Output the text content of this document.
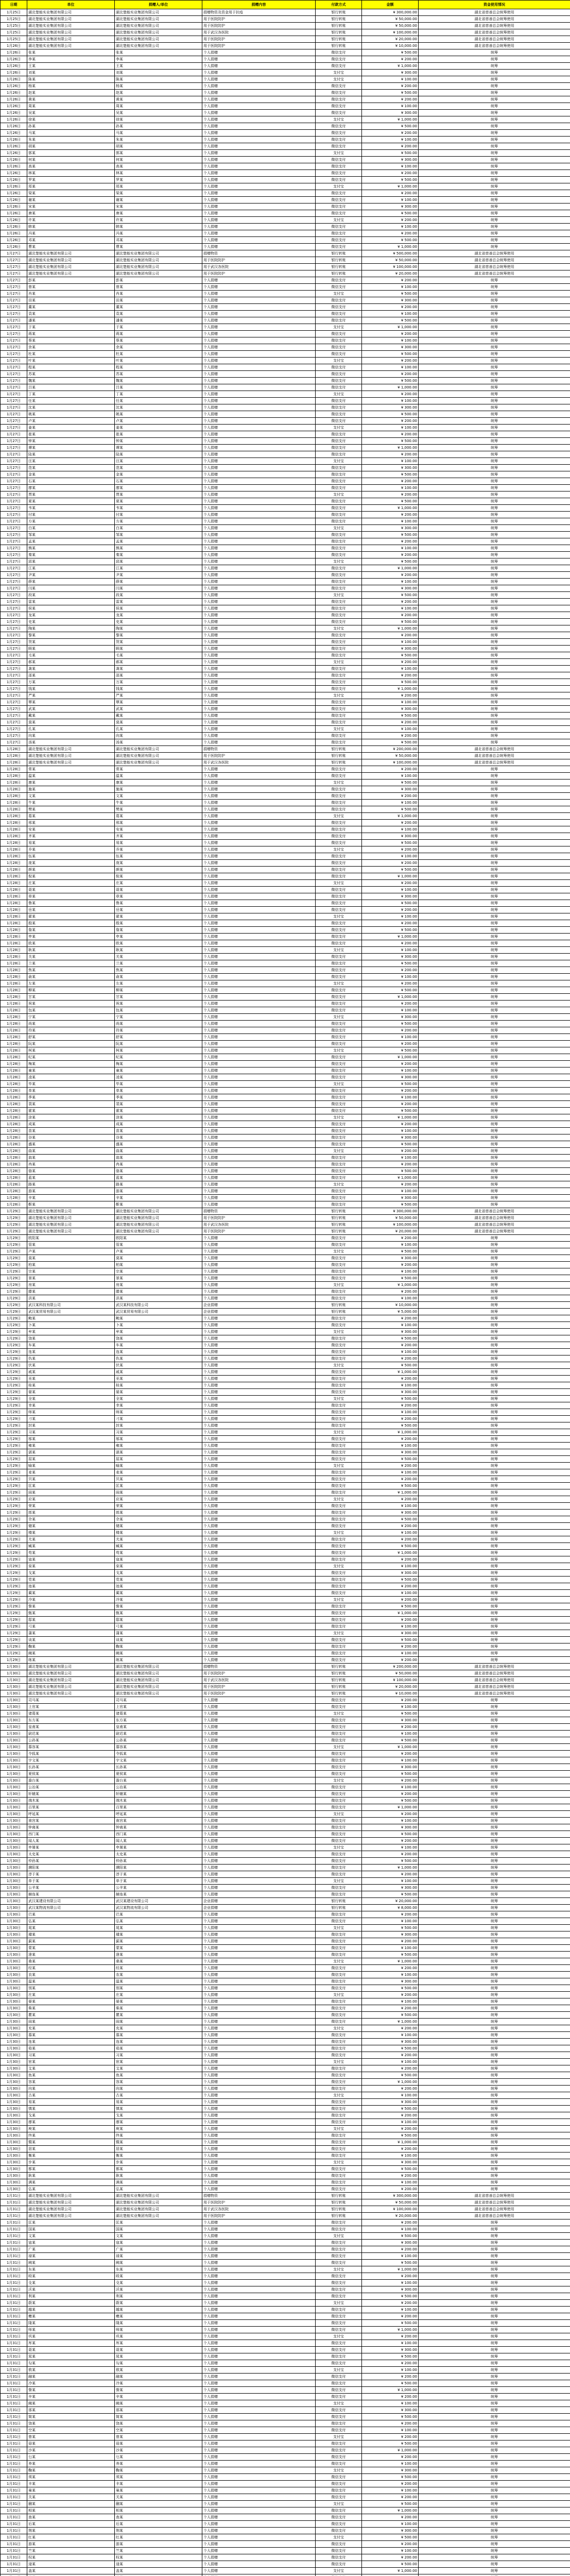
日期	单位	捐赠人/单位	捐赠内容	付款方式	金额	资金使用情况
1月25日	湖北楚能实业集团有限公司	湖北楚能实业集团有限公司	捐赠物资及资金用于抗疫	银行转账	¥ 300,000.00	湖北省慈善总会统筹使用
1月25日	湖北楚能实业集团有限公司	湖北楚能实业集团有限公司	用于医院防护	银行转账	¥ 50,000.00	湖北省慈善总会统筹使用
1月25日	湖北楚能实业集团有限公司	湖北楚能实业集团有限公司	用于医院防护	银行转账	¥ 50,000.00	湖北省慈善总会统筹使用
1月25日	湖北楚能实业集团有限公司	湖北楚能实业集团有限公司	用于武汉各医院	银行转账	¥ 100,000.00	湖北省慈善总会统筹使用
1月25日	湖北楚能实业集团有限公司	湖北楚能实业集团有限公司	用于医院防护	银行转账	¥ 20,000.00	湖北省慈善总会统筹使用
1月26日	湖北楚能实业集团有限公司	湖北楚能实业集团有限公司	用于医院防护	银行转账	¥ 10,000.00	湖北省慈善总会统筹使用
1月26日	张某	张某	个人捐赠	微信支付	¥ 500.00	统筹
1月26日	李某	李某	个人捐赠	微信支付	¥ 200.00	统筹
1月26日	王某	王某	个人捐赠	微信支付	¥ 1,000.00	统筹
1月26日	刘某	刘某	个人捐赠	支付宝	¥ 300.00	统筹
1月26日	陈某	陈某	个人捐赠	支付宝	¥ 100.00	统筹
1月26日	杨某	杨某	个人捐赠	微信支付	¥ 200.00	统筹
1月26日	赵某	赵某	个人捐赠	微信支付	¥ 500.00	统筹
1月26日	黄某	黄某	个人捐赠	微信支付	¥ 200.00	统筹
1月26日	周某	周某	个人捐赠	微信支付	¥ 100.00	统筹
1月26日	吴某	吴某	个人捐赠	微信支付	¥ 300.00	统筹
1月26日	徐某	徐某	个人捐赠	支付宝	¥ 1,000.00	统筹
1月26日	孙某	孙某	个人捐赠	微信支付	¥ 500.00	统筹
1月26日	马某	马某	个人捐赠	微信支付	¥ 200.00	统筹
1月26日	朱某	朱某	个人捐赠	微信支付	¥ 100.00	统筹
1月26日	胡某	胡某	个人捐赠	微信支付	¥ 200.00	统筹
1月26日	郭某	郭某	个人捐赠	支付宝	¥ 500.00	统筹
1月26日	何某	何某	个人捐赠	微信支付	¥ 300.00	统筹
1月26日	高某	高某	个人捐赠	微信支付	¥ 100.00	统筹
1月26日	林某	林某	个人捐赠	微信支付	¥ 200.00	统筹
1月26日	罗某	罗某	个人捐赠	微信支付	¥ 500.00	统筹
1月26日	郑某	郑某	个人捐赠	支付宝	¥ 1,000.00	统筹
1月26日	梁某	梁某	个人捐赠	微信支付	¥ 200.00	统筹
1月26日	谢某	谢某	个人捐赠	微信支付	¥ 100.00	统筹
1月26日	宋某	宋某	个人捐赠	微信支付	¥ 300.00	统筹
1月26日	唐某	唐某	个人捐赠	微信支付	¥ 500.00	统筹
1月26日	许某	许某	个人捐赠	支付宝	¥ 200.00	统筹
1月26日	韩某	韩某	个人捐赠	微信支付	¥ 100.00	统筹
1月26日	冯某	冯某	个人捐赠	微信支付	¥ 200.00	统筹
1月26日	邓某	邓某	个人捐赠	微信支付	¥ 500.00	统筹
1月26日	曹某	曹某	个人捐赠	微信支付	¥ 1,000.00	统筹
1月27日	湖北楚能实业集团有限公司	湖北楚能实业集团有限公司	捐赠物资	银行转账	¥ 500,000.00	湖北省慈善总会统筹使用
1月27日	湖北楚能实业集团有限公司	湖北楚能实业集团有限公司	用于医院防护	银行转账	¥ 50,000.00	湖北省慈善总会统筹使用
1月27日	湖北楚能实业集团有限公司	湖北楚能实业集团有限公司	用于武汉各医院	银行转账	¥ 100,000.00	湖北省慈善总会统筹使用
1月27日	湖北楚能实业集团有限公司	湖北楚能实业集团有限公司	用于医院防护	银行转账	¥ 20,000.00	湖北省慈善总会统筹使用
1月27日	彭某	彭某	个人捐赠	微信支付	¥ 200.00	统筹
1月27日	曾某	曾某	个人捐赠	微信支付	¥ 100.00	统筹
1月27日	肖某	肖某	个人捐赠	支付宝	¥ 500.00	统筹
1月27日	田某	田某	个人捐赠	微信支付	¥ 300.00	统筹
1月27日	董某	董某	个人捐赠	微信支付	¥ 200.00	统筹
1月27日	袁某	袁某	个人捐赠	微信支付	¥ 100.00	统筹
1月27日	潘某	潘某	个人捐赠	微信支付	¥ 500.00	统筹
1月27日	于某	于某	个人捐赠	支付宝	¥ 1,000.00	统筹
1月27日	蒋某	蒋某	个人捐赠	微信支付	¥ 200.00	统筹
1月27日	蔡某	蔡某	个人捐赠	微信支付	¥ 100.00	统筹
1月27日	余某	余某	个人捐赠	微信支付	¥ 300.00	统筹
1月27日	杜某	杜某	个人捐赠	微信支付	¥ 500.00	统筹
1月27日	叶某	叶某	个人捐赠	支付宝	¥ 200.00	统筹
1月27日	程某	程某	个人捐赠	微信支付	¥ 100.00	统筹
1月27日	苏某	苏某	个人捐赠	微信支付	¥ 200.00	统筹
1月27日	魏某	魏某	个人捐赠	微信支付	¥ 500.00	统筹
1月27日	吕某	吕某	个人捐赠	微信支付	¥ 1,000.00	统筹
1月27日	丁某	丁某	个人捐赠	支付宝	¥ 200.00	统筹
1月27日	任某	任某	个人捐赠	微信支付	¥ 100.00	统筹
1月27日	沈某	沈某	个人捐赠	微信支付	¥ 300.00	统筹
1月27日	姚某	姚某	个人捐赠	微信支付	¥ 500.00	统筹
1月27日	卢某	卢某	个人捐赠	微信支付	¥ 200.00	统筹
1月27日	姜某	姜某	个人捐赠	支付宝	¥ 100.00	统筹
1月27日	崔某	崔某	个人捐赠	微信支付	¥ 200.00	统筹
1月27日	钟某	钟某	个人捐赠	微信支付	¥ 500.00	统筹
1月27日	谭某	谭某	个人捐赠	微信支付	¥ 1,000.00	统筹
1月27日	陆某	陆某	个人捐赠	微信支付	¥ 200.00	统筹
1月27日	汪某	汪某	个人捐赠	支付宝	¥ 100.00	统筹
1月27日	范某	范某	个人捐赠	微信支付	¥ 300.00	统筹
1月27日	金某	金某	个人捐赠	微信支付	¥ 500.00	统筹
1月27日	石某	石某	个人捐赠	微信支付	¥ 200.00	统筹
1月27日	廖某	廖某	个人捐赠	微信支付	¥ 100.00	统筹
1月27日	贾某	贾某	个人捐赠	支付宝	¥ 200.00	统筹
1月27日	夏某	夏某	个人捐赠	微信支付	¥ 500.00	统筹
1月27日	韦某	韦某	个人捐赠	微信支付	¥ 1,000.00	统筹
1月27日	付某	付某	个人捐赠	微信支付	¥ 200.00	统筹
1月27日	方某	方某	个人捐赠	微信支付	¥ 100.00	统筹
1月27日	白某	白某	个人捐赠	支付宝	¥ 300.00	统筹
1月27日	邹某	邹某	个人捐赠	微信支付	¥ 500.00	统筹
1月27日	孟某	孟某	个人捐赠	微信支付	¥ 200.00	统筹
1月27日	熊某	熊某	个人捐赠	微信支付	¥ 100.00	统筹
1月27日	秦某	秦某	个人捐赠	微信支付	¥ 200.00	统筹
1月27日	邱某	邱某	个人捐赠	支付宝	¥ 500.00	统筹
1月27日	江某	江某	个人捐赠	微信支付	¥ 1,000.00	统筹
1月27日	尹某	尹某	个人捐赠	微信支付	¥ 200.00	统筹
1月27日	薛某	薛某	个人捐赠	微信支付	¥ 100.00	统筹
1月27日	闫某	闫某	个人捐赠	微信支付	¥ 300.00	统筹
1月27日	段某	段某	个人捐赠	支付宝	¥ 500.00	统筹
1月27日	雷某	雷某	个人捐赠	微信支付	¥ 200.00	统筹
1月27日	侯某	侯某	个人捐赠	微信支付	¥ 100.00	统筹
1月27日	龙某	龙某	个人捐赠	微信支付	¥ 200.00	统筹
1月27日	史某	史某	个人捐赠	微信支付	¥ 500.00	统筹
1月27日	陶某	陶某	个人捐赠	支付宝	¥ 1,000.00	统筹
1月27日	黎某	黎某	个人捐赠	微信支付	¥ 200.00	统筹
1月27日	贺某	贺某	个人捐赠	微信支付	¥ 100.00	统筹
1月27日	顾某	顾某	个人捐赠	微信支付	¥ 300.00	统筹
1月27日	毛某	毛某	个人捐赠	微信支付	¥ 500.00	统筹
1月27日	郝某	郝某	个人捐赠	支付宝	¥ 200.00	统筹
1月27日	龚某	龚某	个人捐赠	微信支付	¥ 100.00	统筹
1月27日	邵某	邵某	个人捐赠	微信支付	¥ 200.00	统筹
1月27日	万某	万某	个人捐赠	微信支付	¥ 500.00	统筹
1月27日	钱某	钱某	个人捐赠	微信支付	¥ 1,000.00	统筹
1月27日	严某	严某	个人捐赠	支付宝	¥ 200.00	统筹
1月27日	覃某	覃某	个人捐赠	微信支付	¥ 100.00	统筹
1月27日	武某	武某	个人捐赠	微信支付	¥ 300.00	统筹
1月27日	戴某	戴某	个人捐赠	微信支付	¥ 500.00	统筹
1月27日	莫某	莫某	个人捐赠	微信支付	¥ 200.00	统筹
1月27日	孔某	孔某	个人捐赠	支付宝	¥ 100.00	统筹
1月27日	向某	向某	个人捐赠	微信支付	¥ 200.00	统筹
1月27日	汤某	汤某	个人捐赠	微信支付	¥ 500.00	统筹
1月28日	湖北楚能实业集团有限公司	湖北楚能实业集团有限公司	捐赠物资	银行转账	¥ 200,000.00	湖北省慈善总会统筹使用
1月28日	湖北楚能实业集团有限公司	湖北楚能实业集团有限公司	用于医院防护	银行转账	¥ 50,000.00	湖北省慈善总会统筹使用
1月28日	湖北楚能实业集团有限公司	湖北楚能实业集团有限公司	用于武汉各医院	银行转账	¥ 100,000.00	湖北省慈善总会统筹使用
1月28日	常某	常某	个人捐赠	微信支付	¥ 200.00	统筹
1月28日	温某	温某	个人捐赠	微信支付	¥ 100.00	统筹
1月28日	康某	康某	个人捐赠	支付宝	¥ 500.00	统筹
1月28日	施某	施某	个人捐赠	微信支付	¥ 300.00	统筹
1月28日	文某	文某	个人捐赠	微信支付	¥ 200.00	统筹
1月28日	牛某	牛某	个人捐赠	微信支付	¥ 100.00	统筹
1月28日	樊某	樊某	个人捐赠	微信支付	¥ 500.00	统筹
1月28日	葛某	葛某	个人捐赠	支付宝	¥ 1,000.00	统筹
1月28日	邢某	邢某	个人捐赠	微信支付	¥ 200.00	统筹
1月28日	安某	安某	个人捐赠	微信支付	¥ 100.00	统筹
1月28日	齐某	齐某	个人捐赠	微信支付	¥ 300.00	统筹
1月28日	易某	易某	个人捐赠	微信支付	¥ 500.00	统筹
1月28日	乔某	乔某	个人捐赠	支付宝	¥ 200.00	统筹
1月28日	伍某	伍某	个人捐赠	微信支付	¥ 100.00	统筹
1月28日	庞某	庞某	个人捐赠	微信支付	¥ 200.00	统筹
1月28日	颜某	颜某	个人捐赠	微信支付	¥ 500.00	统筹
1月28日	倪某	倪某	个人捐赠	微信支付	¥ 1,000.00	统筹
1月28日	庄某	庄某	个人捐赠	支付宝	¥ 200.00	统筹
1月28日	聂某	聂某	个人捐赠	微信支付	¥ 100.00	统筹
1月28日	章某	章某	个人捐赠	微信支付	¥ 300.00	统筹
1月28日	鲁某	鲁某	个人捐赠	微信支付	¥ 500.00	统筹
1月28日	岳某	岳某	个人捐赠	微信支付	¥ 200.00	统筹
1月28日	翟某	翟某	个人捐赠	支付宝	¥ 100.00	统筹
1月28日	殷某	殷某	个人捐赠	微信支付	¥ 200.00	统筹
1月28日	詹某	詹某	个人捐赠	微信支付	¥ 500.00	统筹
1月28日	申某	申某	个人捐赠	微信支付	¥ 1,000.00	统筹
1月28日	欧某	欧某	个人捐赠	微信支付	¥ 200.00	统筹
1月28日	耿某	耿某	个人捐赠	支付宝	¥ 100.00	统筹
1月28日	关某	关某	个人捐赠	微信支付	¥ 300.00	统筹
1月28日	兰某	兰某	个人捐赠	微信支付	¥ 500.00	统筹
1月28日	焦某	焦某	个人捐赠	微信支付	¥ 200.00	统筹
1月28日	俞某	俞某	个人捐赠	微信支付	¥ 100.00	统筹
1月28日	左某	左某	个人捐赠	支付宝	¥ 200.00	统筹
1月28日	柳某	柳某	个人捐赠	微信支付	¥ 500.00	统筹
1月28日	甘某	甘某	个人捐赠	微信支付	¥ 1,000.00	统筹
1月28日	祝某	祝某	个人捐赠	微信支付	¥ 200.00	统筹
1月28日	包某	包某	个人捐赠	微信支付	¥ 100.00	统筹
1月28日	宁某	宁某	个人捐赠	支付宝	¥ 300.00	统筹
1月28日	尚某	尚某	个人捐赠	微信支付	¥ 500.00	统筹
1月28日	符某	符某	个人捐赠	微信支付	¥ 200.00	统筹
1月28日	舒某	舒某	个人捐赠	微信支付	¥ 100.00	统筹
1月28日	阮某	阮某	个人捐赠	微信支付	¥ 200.00	统筹
1月28日	柯某	柯某	个人捐赠	支付宝	¥ 500.00	统筹
1月28日	纪某	纪某	个人捐赠	微信支付	¥ 1,000.00	统筹
1月28日	梅某	梅某	个人捐赠	微信支付	¥ 200.00	统筹
1月28日	童某	童某	个人捐赠	微信支付	¥ 100.00	统筹
1月28日	凌某	凌某	个人捐赠	微信支付	¥ 300.00	统筹
1月28日	毕某	毕某	个人捐赠	支付宝	¥ 500.00	统筹
1月28日	单某	单某	个人捐赠	微信支付	¥ 200.00	统筹
1月28日	季某	季某	个人捐赠	微信支付	¥ 100.00	统筹
1月28日	裴某	裴某	个人捐赠	微信支付	¥ 200.00	统筹
1月28日	霍某	霍某	个人捐赠	微信支付	¥ 500.00	统筹
1月28日	涂某	涂某	个人捐赠	支付宝	¥ 1,000.00	统筹
1月28日	成某	成某	个人捐赠	微信支付	¥ 200.00	统筹
1月28日	苗某	苗某	个人捐赠	微信支付	¥ 100.00	统筹
1月28日	谷某	谷某	个人捐赠	微信支付	¥ 300.00	统筹
1月28日	盛某	盛某	个人捐赠	微信支付	¥ 500.00	统筹
1月28日	曲某	曲某	个人捐赠	支付宝	¥ 200.00	统筹
1月28日	翁某	翁某	个人捐赠	微信支付	¥ 100.00	统筹
1月28日	冉某	冉某	个人捐赠	微信支付	¥ 200.00	统筹
1月28日	骆某	骆某	个人捐赠	微信支付	¥ 500.00	统筹
1月28日	蓝某	蓝某	个人捐赠	微信支付	¥ 1,000.00	统筹
1月28日	路某	路某	个人捐赠	支付宝	¥ 200.00	统筹
1月28日	游某	游某	个人捐赠	微信支付	¥ 100.00	统筹
1月28日	辛某	辛某	个人捐赠	微信支付	¥ 300.00	统筹
1月28日	靳某	靳某	个人捐赠	微信支付	¥ 500.00	统筹
1月29日	湖北楚能实业集团有限公司	湖北楚能实业集团有限公司	捐赠物资	银行转账	¥ 300,000.00	湖北省慈善总会统筹使用
1月29日	湖北楚能实业集团有限公司	湖北楚能实业集团有限公司	用于医院防护	银行转账	¥ 50,000.00	湖北省慈善总会统筹使用
1月29日	湖北楚能实业集团有限公司	湖北楚能实业集团有限公司	用于武汉各医院	银行转账	¥ 100,000.00	湖北省慈善总会统筹使用
1月29日	湖北楚能实业集团有限公司	湖北楚能实业集团有限公司	用于医院防护	银行转账	¥ 20,000.00	湖北省慈善总会统筹使用
1月29日	欧阳某	欧阳某	个人捐赠	微信支付	¥ 200.00	统筹
1月29日	管某	管某	个人捐赠	微信支付	¥ 100.00	统筹
1月29日	卢某	卢某	个人捐赠	支付宝	¥ 500.00	统筹
1月29日	莫某	莫某	个人捐赠	微信支付	¥ 300.00	统筹
1月29日	柏某	柏某	个人捐赠	微信支付	¥ 200.00	统筹
1月29日	宗某	宗某	个人捐赠	微信支付	¥ 100.00	统筹
1月29日	景某	景某	个人捐赠	微信支付	¥ 500.00	统筹
1月29日	房某	房某	个人捐赠	支付宝	¥ 1,000.00	统筹
1月29日	滕某	滕某	个人捐赠	微信支付	¥ 200.00	统筹
1月29日	洪某	洪某	个人捐赠	微信支付	¥ 100.00	统筹
1月29日	武汉某科技有限公司	武汉某科技有限公司	企业捐赠	银行转账	¥ 10,000.00	统筹
1月29日	武汉某贸易有限公司	武汉某贸易有限公司	企业捐赠	银行转账	¥ 5,000.00	统筹
1月29日	鲍某	鲍某	个人捐赠	微信支付	¥ 200.00	统筹
1月29日	卜某	卜某	个人捐赠	微信支付	¥ 100.00	统筹
1月29日	牟某	牟某	个人捐赠	支付宝	¥ 300.00	统筹
1月29日	饶某	饶某	个人捐赠	微信支付	¥ 500.00	统筹
1月29日	车某	车某	个人捐赠	微信支付	¥ 200.00	统筹
1月29日	连某	连某	个人捐赠	微信支付	¥ 100.00	统筹
1月29日	仇某	仇某	个人捐赠	微信支付	¥ 200.00	统筹
1月29日	伏某	伏某	个人捐赠	支付宝	¥ 500.00	统筹
1月29日	戚某	戚某	个人捐赠	微信支付	¥ 1,000.00	统筹
1月29日	巫某	巫某	个人捐赠	微信支付	¥ 200.00	统筹
1月29日	桂某	桂某	个人捐赠	微信支付	¥ 100.00	统筹
1月29日	晏某	晏某	个人捐赠	微信支付	¥ 300.00	统筹
1月29日	全某	全某	个人捐赠	支付宝	¥ 500.00	统筹
1月29日	幸某	幸某	个人捐赠	微信支付	¥ 200.00	统筹
1月29日	师某	师某	个人捐赠	微信支付	¥ 100.00	统筹
1月29日	刁某	刁某	个人捐赠	微信支付	¥ 200.00	统筹
1月29日	封某	封某	个人捐赠	微信支付	¥ 500.00	统筹
1月29日	习某	习某	个人捐赠	支付宝	¥ 1,000.00	统筹
1月29日	邬某	邬某	个人捐赠	微信支付	¥ 200.00	统筹
1月29日	雍某	雍某	个人捐赠	微信支付	¥ 100.00	统筹
1月29日	湛某	湛某	个人捐赠	微信支付	¥ 300.00	统筹
1月29日	屈某	屈某	个人捐赠	微信支付	¥ 500.00	统筹
1月29日	喻某	喻某	个人捐赠	支付宝	¥ 200.00	统筹
1月29日	麦某	麦某	个人捐赠	微信支付	¥ 100.00	统筹
1月29日	贝某	贝某	个人捐赠	微信支付	¥ 200.00	统筹
1月29日	匡某	匡某	个人捐赠	微信支付	¥ 500.00	统筹
1月29日	阎某	阎某	个人捐赠	微信支付	¥ 1,000.00	统筹
1月29日	应某	应某	个人捐赠	支付宝	¥ 200.00	统筹
1月29日	荣某	荣某	个人捐赠	微信支付	¥ 100.00	统筹
1月29日	郎某	郎某	个人捐赠	微信支付	¥ 300.00	统筹
1月29日	佘某	佘某	个人捐赠	微信支付	¥ 500.00	统筹
1月29日	储某	储某	个人捐赠	微信支付	¥ 200.00	统筹
1月29日	楼某	楼某	个人捐赠	支付宝	¥ 100.00	统筹
1月29日	尤某	尤某	个人捐赠	微信支付	¥ 200.00	统筹
1月29日	臧某	臧某	个人捐赠	微信支付	¥ 500.00	统筹
1月29日	苟某	苟某	个人捐赠	微信支付	¥ 1,000.00	统筹
1月29日	寇某	寇某	个人捐赠	微信支付	¥ 200.00	统筹
1月29日	栾某	栾某	个人捐赠	支付宝	¥ 100.00	统筹
1月29日	戈某	戈某	个人捐赠	微信支付	¥ 300.00	统筹
1月29日	党某	党某	个人捐赠	微信支付	¥ 500.00	统筹
1月29日	池某	池某	个人捐赠	微信支付	¥ 200.00	统筹
1月29日	蔺某	蔺某	个人捐赠	微信支付	¥ 100.00	统筹
1月29日	冷某	冷某	个人捐赠	支付宝	¥ 200.00	统筹
1月29日	訾某	訾某	个人捐赠	微信支付	¥ 500.00	统筹
1月29日	甄某	甄某	个人捐赠	微信支付	¥ 1,000.00	统筹
1月29日	邸某	邸某	个人捐赠	微信支付	¥ 200.00	统筹
1月29日	弓某	弓某	个人捐赠	微信支付	¥ 100.00	统筹
1月29日	蒲某	蒲某	个人捐赠	支付宝	¥ 300.00	统筹
1月29日	谈某	谈某	个人捐赠	微信支付	¥ 500.00	统筹
1月29日	鞠某	鞠某	个人捐赠	微信支付	¥ 200.00	统筹
1月29日	阚某	阚某	个人捐赠	微信支付	¥ 100.00	统筹
1月29日	练某	练某	个人捐赠	微信支付	¥ 200.00	统筹
1月30日	湖北楚能实业集团有限公司	湖北楚能实业集团有限公司	捐赠物资	银行转账	¥ 200,000.00	湖北省慈善总会统筹使用
1月30日	湖北楚能实业集团有限公司	湖北楚能实业集团有限公司	用于医院防护	银行转账	¥ 50,000.00	湖北省慈善总会统筹使用
1月30日	湖北楚能实业集团有限公司	湖北楚能实业集团有限公司	用于武汉各医院	银行转账	¥ 100,000.00	湖北省慈善总会统筹使用
1月30日	湖北楚能实业集团有限公司	湖北楚能实业集团有限公司	用于医院防护	银行转账	¥ 20,000.00	湖北省慈善总会统筹使用
1月30日	湖北楚能实业集团有限公司	湖北楚能实业集团有限公司	用于医院防护	银行转账	¥ 10,000.00	湖北省慈善总会统筹使用
1月30日	司马某	司马某	个人捐赠	微信支付	¥ 200.00	统筹
1月30日	上官某	上官某	个人捐赠	微信支付	¥ 100.00	统筹
1月30日	诸葛某	诸葛某	个人捐赠	支付宝	¥ 500.00	统筹
1月30日	东方某	东方某	个人捐赠	微信支付	¥ 300.00	统筹
1月30日	皇甫某	皇甫某	个人捐赠	微信支付	¥ 200.00	统筹
1月30日	尉迟某	尉迟某	个人捐赠	微信支付	¥ 100.00	统筹
1月30日	公孙某	公孙某	个人捐赠	微信支付	¥ 500.00	统筹
1月30日	慕容某	慕容某	个人捐赠	支付宝	¥ 1,000.00	统筹
1月30日	令狐某	令狐某	个人捐赠	微信支付	¥ 200.00	统筹
1月30日	宇文某	宇文某	个人捐赠	微信支付	¥ 100.00	统筹
1月30日	长孙某	长孙某	个人捐赠	微信支付	¥ 300.00	统筹
1月30日	夏侯某	夏侯某	个人捐赠	微信支付	¥ 500.00	统筹
1月30日	澹台某	澹台某	个人捐赠	支付宝	¥ 200.00	统筹
1月30日	公冶某	公冶某	个人捐赠	微信支付	¥ 100.00	统筹
1月30日	轩辕某	轩辕某	个人捐赠	微信支付	¥ 200.00	统筹
1月30日	端木某	端木某	个人捐赠	微信支付	¥ 500.00	统筹
1月30日	百里某	百里某	个人捐赠	微信支付	¥ 1,000.00	统筹
1月30日	呼延某	呼延某	个人捐赠	支付宝	¥ 200.00	统筹
1月30日	南宫某	南宫某	个人捐赠	微信支付	¥ 100.00	统筹
1月30日	钟离某	钟离某	个人捐赠	微信支付	¥ 300.00	统筹
1月30日	西门某	西门某	个人捐赠	微信支付	¥ 500.00	统筹
1月30日	闻人某	闻人某	个人捐赠	微信支付	¥ 200.00	统筹
1月30日	申屠某	申屠某	个人捐赠	支付宝	¥ 100.00	统筹
1月30日	太史某	太史某	个人捐赠	微信支付	¥ 200.00	统筹
1月30日	仲孙某	仲孙某	个人捐赠	微信支付	¥ 500.00	统筹
1月30日	濮阳某	濮阳某	个人捐赠	微信支付	¥ 1,000.00	统筹
1月30日	淳于某	淳于某	个人捐赠	微信支付	¥ 200.00	统筹
1月30日	单于某	单于某	个人捐赠	支付宝	¥ 100.00	统筹
1月30日	公羊某	公羊某	个人捐赠	微信支付	¥ 300.00	统筹
1月30日	赫连某	赫连某	个人捐赠	微信支付	¥ 500.00	统筹
1月30日	武汉某建设有限公司	武汉某建设有限公司	企业捐赠	银行转账	¥ 20,000.00	统筹
1月30日	武汉某物流有限公司	武汉某物流有限公司	企业捐赠	银行转账	¥ 8,000.00	统筹
1月30日	巴某	巴某	个人捐赠	微信支付	¥ 200.00	统筹
1月30日	弘某	弘某	个人捐赠	微信支付	¥ 100.00	统筹
1月30日	晁某	晁某	个人捐赠	支付宝	¥ 500.00	统筹
1月30日	璩某	璩某	个人捐赠	微信支付	¥ 300.00	统筹
1月30日	蓟某	蓟某	个人捐赠	微信支付	¥ 200.00	统筹
1月30日	蒙某	蒙某	个人捐赠	微信支付	¥ 100.00	统筹
1月30日	逄某	逄某	个人捐赠	微信支付	¥ 500.00	统筹
1月30日	桑某	桑某	个人捐赠	支付宝	¥ 1,000.00	统筹
1月30日	经某	经某	个人捐赠	微信支付	¥ 200.00	统筹
1月30日	农某	农某	个人捐赠	微信支付	¥ 100.00	统筹
1月30日	温某	温某	个人捐赠	微信支付	¥ 300.00	统筹
1月30日	別某	別某	个人捐赠	微信支付	¥ 500.00	统筹
1月30日	庄某	庄某	个人捐赠	支付宝	¥ 200.00	统筹
1月30日	晏某	晏某	个人捐赠	微信支付	¥ 100.00	统筹
1月30日	柴某	柴某	个人捐赠	微信支付	¥ 200.00	统筹
1月30日	瞿某	瞿某	个人捐赠	微信支付	¥ 500.00	统筹
1月30日	阎某	阎某	个人捐赠	微信支付	¥ 1,000.00	统筹
1月30日	充某	充某	个人捐赠	支付宝	¥ 200.00	统筹
1月30日	慕某	慕某	个人捐赠	微信支付	¥ 100.00	统筹
1月30日	连某	连某	个人捐赠	微信支付	¥ 300.00	统筹
1月30日	茹某	茹某	个人捐赠	微信支付	¥ 500.00	统筹
1月30日	习某	习某	个人捐赠	微信支付	¥ 200.00	统筹
1月30日	宦某	宦某	个人捐赠	支付宝	¥ 100.00	统筹
1月30日	艾某	艾某	个人捐赠	微信支付	¥ 200.00	统筹
1月30日	鱼某	鱼某	个人捐赠	微信支付	¥ 500.00	统筹
1月30日	容某	容某	个人捐赠	微信支付	¥ 1,000.00	统筹
1月30日	向某	向某	个人捐赠	微信支付	¥ 200.00	统筹
1月30日	古某	古某	个人捐赠	支付宝	¥ 100.00	统筹
1月30日	易某	易某	个人捐赠	微信支付	¥ 300.00	统筹
1月30日	慎某	慎某	个人捐赠	微信支付	¥ 500.00	统筹
1月30日	戈某	戈某	个人捐赠	微信支付	¥ 200.00	统筹
1月30日	廖某	廖某	个人捐赠	微信支付	¥ 100.00	统筹
1月30日	庾某	庾某	个人捐赠	支付宝	¥ 200.00	统筹
1月30日	终某	终某	个人捐赠	微信支付	¥ 500.00	统筹
1月30日	暨某	暨某	个人捐赠	微信支付	¥ 1,000.00	统筹
1月30日	居某	居某	个人捐赠	微信支付	¥ 200.00	统筹
1月30日	衡某	衡某	个人捐赠	微信支付	¥ 100.00	统筹
1月30日	步某	步某	个人捐赠	支付宝	¥ 300.00	统筹
1月30日	都某	都某	个人捐赠	微信支付	¥ 500.00	统筹
1月30日	耿某	耿某	个人捐赠	微信支付	¥ 200.00	统筹
1月30日	满某	满某	个人捐赠	微信支付	¥ 100.00	统筹
1月30日	弘某	弘某	个人捐赠	微信支付	¥ 200.00	统筹
1月31日	湖北楚能实业集团有限公司	湖北楚能实业集团有限公司	捐赠物资	银行转账	¥ 300,000.00	湖北省慈善总会统筹使用
1月31日	湖北楚能实业集团有限公司	湖北楚能实业集团有限公司	用于医院防护	银行转账	¥ 50,000.00	湖北省慈善总会统筹使用
1月31日	湖北楚能实业集团有限公司	湖北楚能实业集团有限公司	用于武汉各医院	银行转账	¥ 100,000.00	湖北省慈善总会统筹使用
1月31日	湖北楚能实业集团有限公司	湖北楚能实业集团有限公司	用于医院防护	银行转账	¥ 20,000.00	湖北省慈善总会统筹使用
1月31日	匡某	匡某	个人捐赠	微信支付	¥ 200.00	统筹
1月31日	国某	国某	个人捐赠	微信支付	¥ 100.00	统筹
1月31日	文某	文某	个人捐赠	支付宝	¥ 500.00	统筹
1月31日	寇某	寇某	个人捐赠	微信支付	¥ 300.00	统筹
1月31日	广某	广某	个人捐赠	微信支付	¥ 200.00	统筹
1月31日	禄某	禄某	个人捐赠	微信支付	¥ 100.00	统筹
1月31日	阙某	阙某	个人捐赠	微信支付	¥ 500.00	统筹
1月31日	东某	东某	个人捐赠	支付宝	¥ 1,000.00	统筹
1月31日	殴某	殴某	个人捐赠	微信支付	¥ 200.00	统筹
1月31日	殳某	殳某	个人捐赠	微信支付	¥ 100.00	统筹
1月31日	沃某	沃某	个人捐赠	微信支付	¥ 300.00	统筹
1月31日	利某	利某	个人捐赠	微信支付	¥ 500.00	统筹
1月31日	蔚某	蔚某	个人捐赠	支付宝	¥ 200.00	统筹
1月31日	越某	越某	个人捐赠	微信支付	¥ 100.00	统筹
1月31日	夔某	夔某	个人捐赠	微信支付	¥ 200.00	统筹
1月31日	隆某	隆某	个人捐赠	微信支付	¥ 500.00	统筹
1月31日	师某	师某	个人捐赠	微信支付	¥ 1,000.00	统筹
1月31日	巩某	巩某	个人捐赠	支付宝	¥ 200.00	统筹
1月31日	厍某	厍某	个人捐赠	微信支付	¥ 100.00	统筹
1月31日	聂某	聂某	个人捐赠	微信支付	¥ 300.00	统筹
1月31日	晁某	晁某	个人捐赠	微信支付	¥ 500.00	统筹
1月31日	勾某	勾某	个人捐赠	微信支付	¥ 200.00	统筹
1月31日	敖某	敖某	个人捐赠	支付宝	¥ 100.00	统筹
1月31日	融某	融某	个人捐赠	微信支付	¥ 200.00	统筹
1月31日	冷某	冷某	个人捐赠	微信支付	¥ 500.00	统筹
1月31日	訾某	訾某	个人捐赠	微信支付	¥ 1,000.00	统筹
1月31日	辛某	辛某	个人捐赠	微信支付	¥ 200.00	统筹
1月31日	阚某	阚某	个人捐赠	支付宝	¥ 100.00	统筹
1月31日	那某	那某	个人捐赠	微信支付	¥ 300.00	统筹
1月31日	简某	简某	个人捐赠	微信支付	¥ 500.00	统筹
1月31日	饶某	饶某	个人捐赠	微信支付	¥ 200.00	统筹
1月31日	空某	空某	个人捐赠	微信支付	¥ 100.00	统筹
1月31日	曾某	曾某	个人捐赠	支付宝	¥ 200.00	统筹
1月31日	毋某	毋某	个人捐赠	微信支付	¥ 500.00	统筹
1月31日	沙某	沙某	个人捐赠	微信支付	¥ 1,000.00	统筹
1月31日	乜某	乜某	个人捐赠	微信支付	¥ 200.00	统筹
1月31日	养某	养某	个人捐赠	微信支付	¥ 100.00	统筹
1月31日	鞠某	鞠某	个人捐赠	支付宝	¥ 300.00	统筹
1月31日	须某	须某	个人捐赠	微信支付	¥ 500.00	统筹
1月31日	丰某	丰某	个人捐赠	微信支付	¥ 200.00	统筹
1月31日	巢某	巢某	个人捐赠	微信支付	¥ 100.00	统筹
1月31日	关某	关某	个人捐赠	微信支付	¥ 200.00	统筹
1月31日	蒯某	蒯某	个人捐赠	支付宝	¥ 500.00	统筹
1月31日	相某	相某	个人捐赠	微信支付	¥ 1,000.00	统筹
1月31日	查某	查某	个人捐赠	微信支付	¥ 200.00	统筹
1月31日	后某	后某	个人捐赠	微信支付	¥ 100.00	统筹
1月31日	荆某	荆某	个人捐赠	微信支付	¥ 300.00	统筹
1月31日	红某	红某	个人捐赠	支付宝	¥ 500.00	统筹
1月31日	游某	游某	个人捐赠	微信支付	¥ 200.00	统筹
1月31日	竺某	竺某	个人捐赠	微信支付	¥ 100.00	统筹
1月31日	权某	权某	个人捐赠	微信支付	¥ 200.00	统筹
1月31日	逯某	逯某	个人捐赠	微信支付	¥ 500.00	统筹
1月31日	盖某	盖某	个人捐赠	支付宝	¥ 1,000.00	统筹
